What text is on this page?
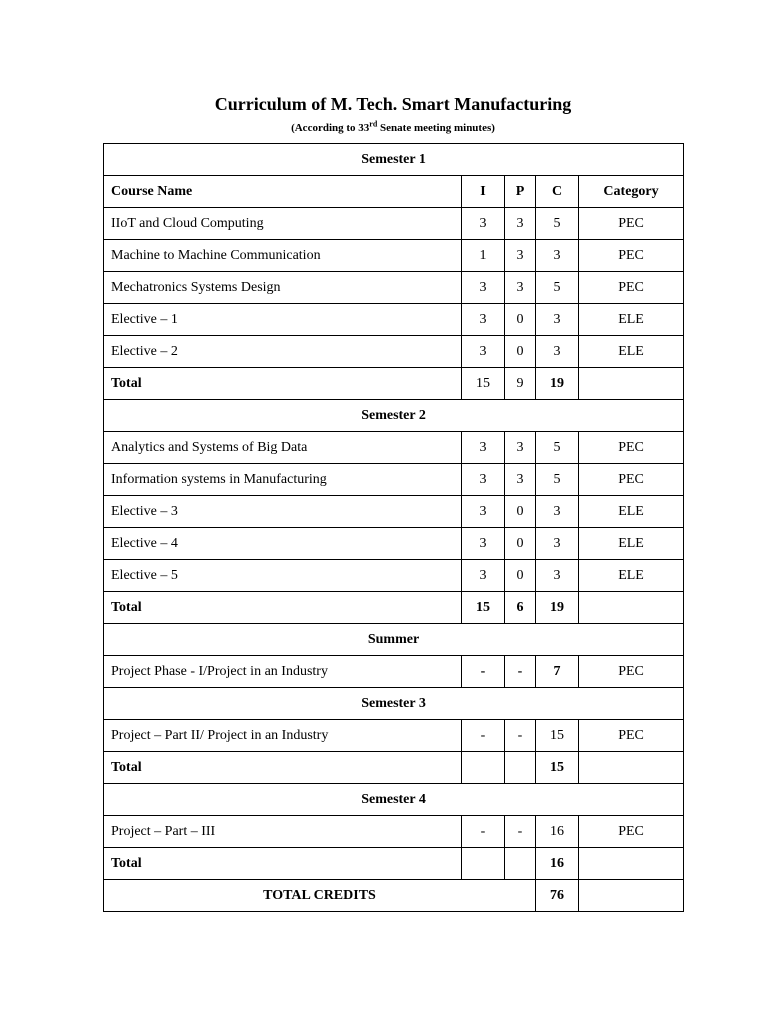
Curriculum of M. Tech. Smart Manufacturing
(According to 33rd Senate meeting minutes)
Semester 1				
Course Name	I	P	C	Category
IIoT and Cloud Computing	3	3	5	PEC
Machine to Machine Communication	1	3	3	PEC
Mechatronics Systems Design	3	3	5	PEC
Elective – 1	3	0	3	ELE
Elective – 2	3	0	3	ELE
Total	15	9	19	
Semester 2				
Analytics and Systems of Big Data	3	3	5	PEC
Information systems in Manufacturing	3	3	5	PEC
Elective – 3	3	0	3	ELE
Elective – 4	3	0	3	ELE
Elective – 5	3	0	3	ELE
Total	15	6	19	
Summer				
Project Phase - I/Project in an Industry	-	-	7	PEC
Semester 3				
Project – Part II/ Project in an Industry	-	-	15	PEC
Total			15	
Semester 4				
Project – Part – III	-	-	16	PEC
Total			16	
TOTAL CREDITS			76	
